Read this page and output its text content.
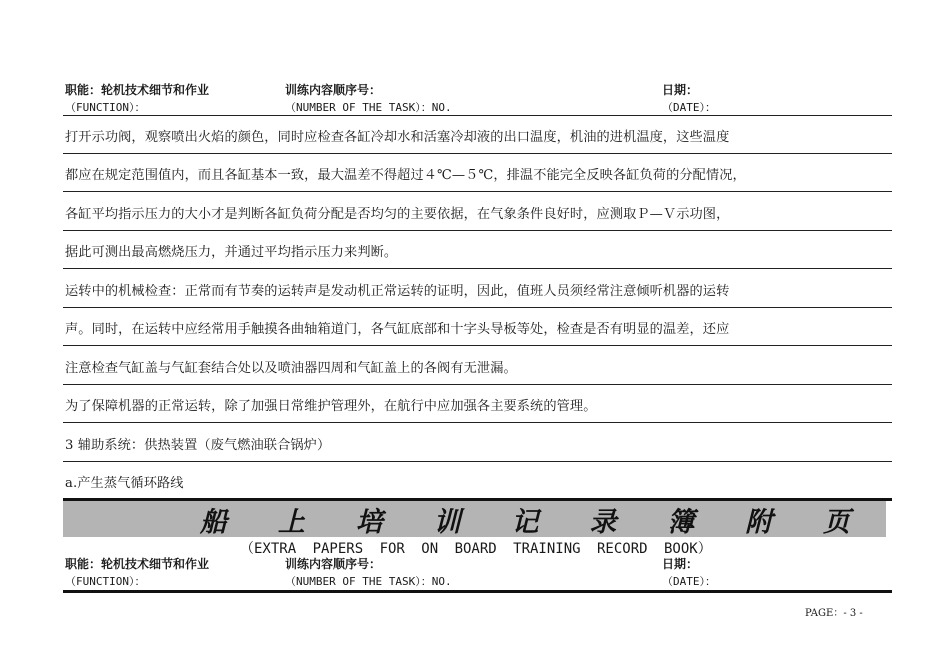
职能：轮机技术细节和作业
（FUNCTION）：
训练内容顺序号：
（NUMBER OF THE TASK）：NO.
日期：
（DATE）：
打开示功阀，观察喷出火焰的颜色，同时应检查各缸冷却水和活塞冷却液的出口温度，机油的进机温度，这些温度
都应在规定范围值内，而且各缸基本一致，最大温差不得超过４℃—５℃，排温不能完全反映各缸负荷的分配情况，
各缸平均指示压力的大小才是判断各缸负荷分配是否均匀的主要依据，在气象条件良好时，应测取Ｐ—Ｖ示功图，
据此可测出最高燃烧压力，并通过平均指示压力来判断。
运转中的机械检查：正常而有节奏的运转声是发动机正常运转的证明，因此，值班人员须经常注意倾听机器的运转
声。同时，在运转中应经常用手触摸各曲轴箱道门，各气缸底部和十字头导板等处，检查是否有明显的温差，还应
注意检查气缸盖与气缸套结合处以及喷油器四周和气缸盖上的各阀有无泄漏。
为了保障机器的正常运转，除了加强日常维护管理外，在航行中应加强各主要系统的管理。
3 辅助系统：供热装置（废气燃油联合锅炉）
a.产生蒸气循环路线
船 上 培 训 记 录 簿 附 页
（EXTRA PAPERS FOR ON BOARD TRAINING RECORD BOOK）
职能：轮机技术细节和作业
（FUNCTION）：
训练内容顺序号：
（NUMBER OF THE TASK）：NO.
日期：
（DATE）：
PAGE：- 3 -
